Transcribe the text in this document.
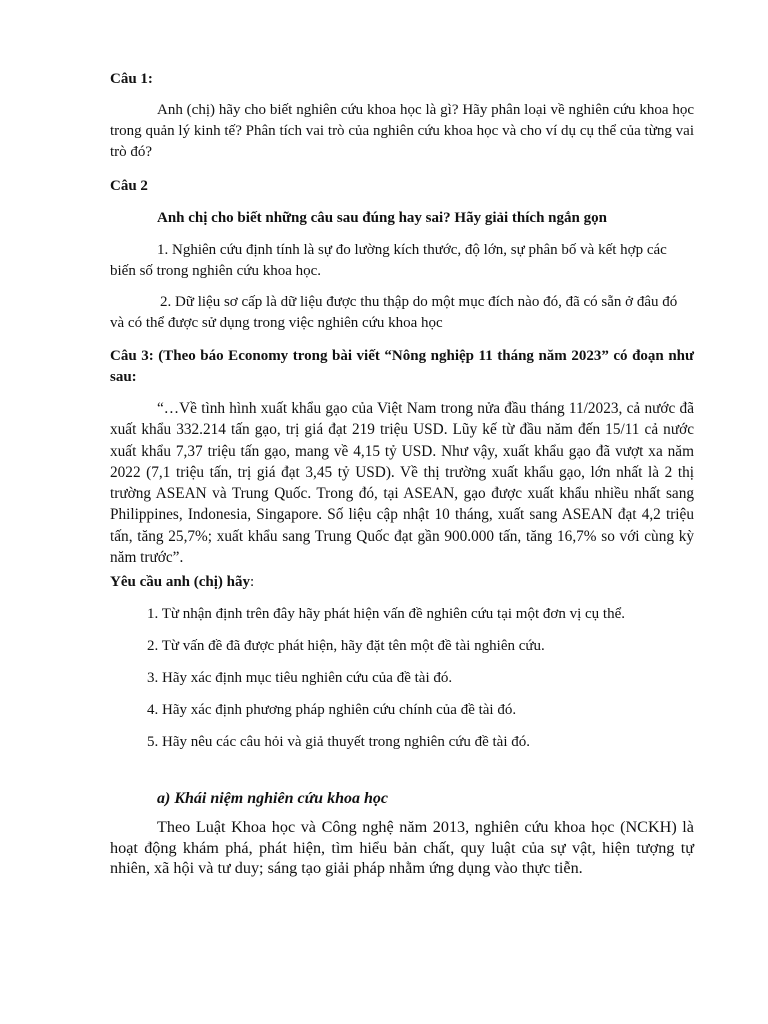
Câu 1:

Anh (chị) hãy cho biết nghiên cứu khoa học là gì? Hãy phân loại về nghiên cứu khoa học trong quản lý kinh tế? Phân tích vai trò của nghiên cứu khoa học và cho ví dụ cụ thể của từng vai trò đó?

Câu 2

Anh chị cho biết những câu sau đúng hay sai? Hãy giải thích ngắn gọn

1. Nghiên cứu định tính là sự đo lường kích thước, độ lớn, sự phân bố và kết hợp các biến số trong nghiên cứu khoa học.

2. Dữ liệu sơ cấp là dữ liệu được thu thập do một mục đích nào đó, đã có sẵn ở đâu đó và có thể được sử dụng trong việc nghiên cứu khoa học

Câu 3: (Theo báo Economy trong bài viết “Nông nghiệp 11 tháng năm 2023” có đoạn như sau:

“…Về tình hình xuất khẩu gạo của Việt Nam trong nửa đầu tháng 11/2023, cả nước đã xuất khẩu 332.214 tấn gạo, trị giá đạt 219 triệu USD. Lũy kế từ đầu năm đến 15/11 cả nước xuất khẩu 7,37 triệu tấn gạo, mang về 4,15 tỷ USD. Như vậy, xuất khẩu gạo đã vượt xa năm 2022 (7,1 triệu tấn, trị giá đạt 3,45 tỷ USD). Về thị trường xuất khẩu gạo, lớn nhất là 2 thị trường ASEAN và Trung Quốc. Trong đó, tại ASEAN, gạo được xuất khẩu nhiều nhất sang Philippines, Indonesia, Singapore. Số liệu cập nhật 10 tháng, xuất sang ASEAN đạt 4,2 triệu tấn, tăng 25,7%; xuất khẩu sang Trung Quốc đạt gần 900.000 tấn, tăng 16,7% so với cùng kỳ năm trước”.

Yêu cầu anh (chị) hãy:

1. Từ nhận định trên đây hãy phát hiện vấn đề nghiên cứu tại một đơn vị cụ thể.

2. Từ vấn đề đã được phát hiện, hãy đặt tên một đề tài nghiên cứu.

3. Hãy xác định mục tiêu nghiên cứu của đề tài đó.

4. Hãy xác định phương pháp nghiên cứu chính của đề tài đó.

5. Hãy nêu các câu hỏi và giả thuyết trong nghiên cứu đề tài đó.

a) Khái niệm nghiên cứu khoa học

Theo Luật Khoa học và Công nghệ năm 2013, nghiên cứu khoa học (NCKH) là hoạt động khám phá, phát hiện, tìm hiểu bản chất, quy luật của sự vật, hiện tượng tự nhiên, xã hội và tư duy; sáng tạo giải pháp nhằm ứng dụng vào thực tiễn.
